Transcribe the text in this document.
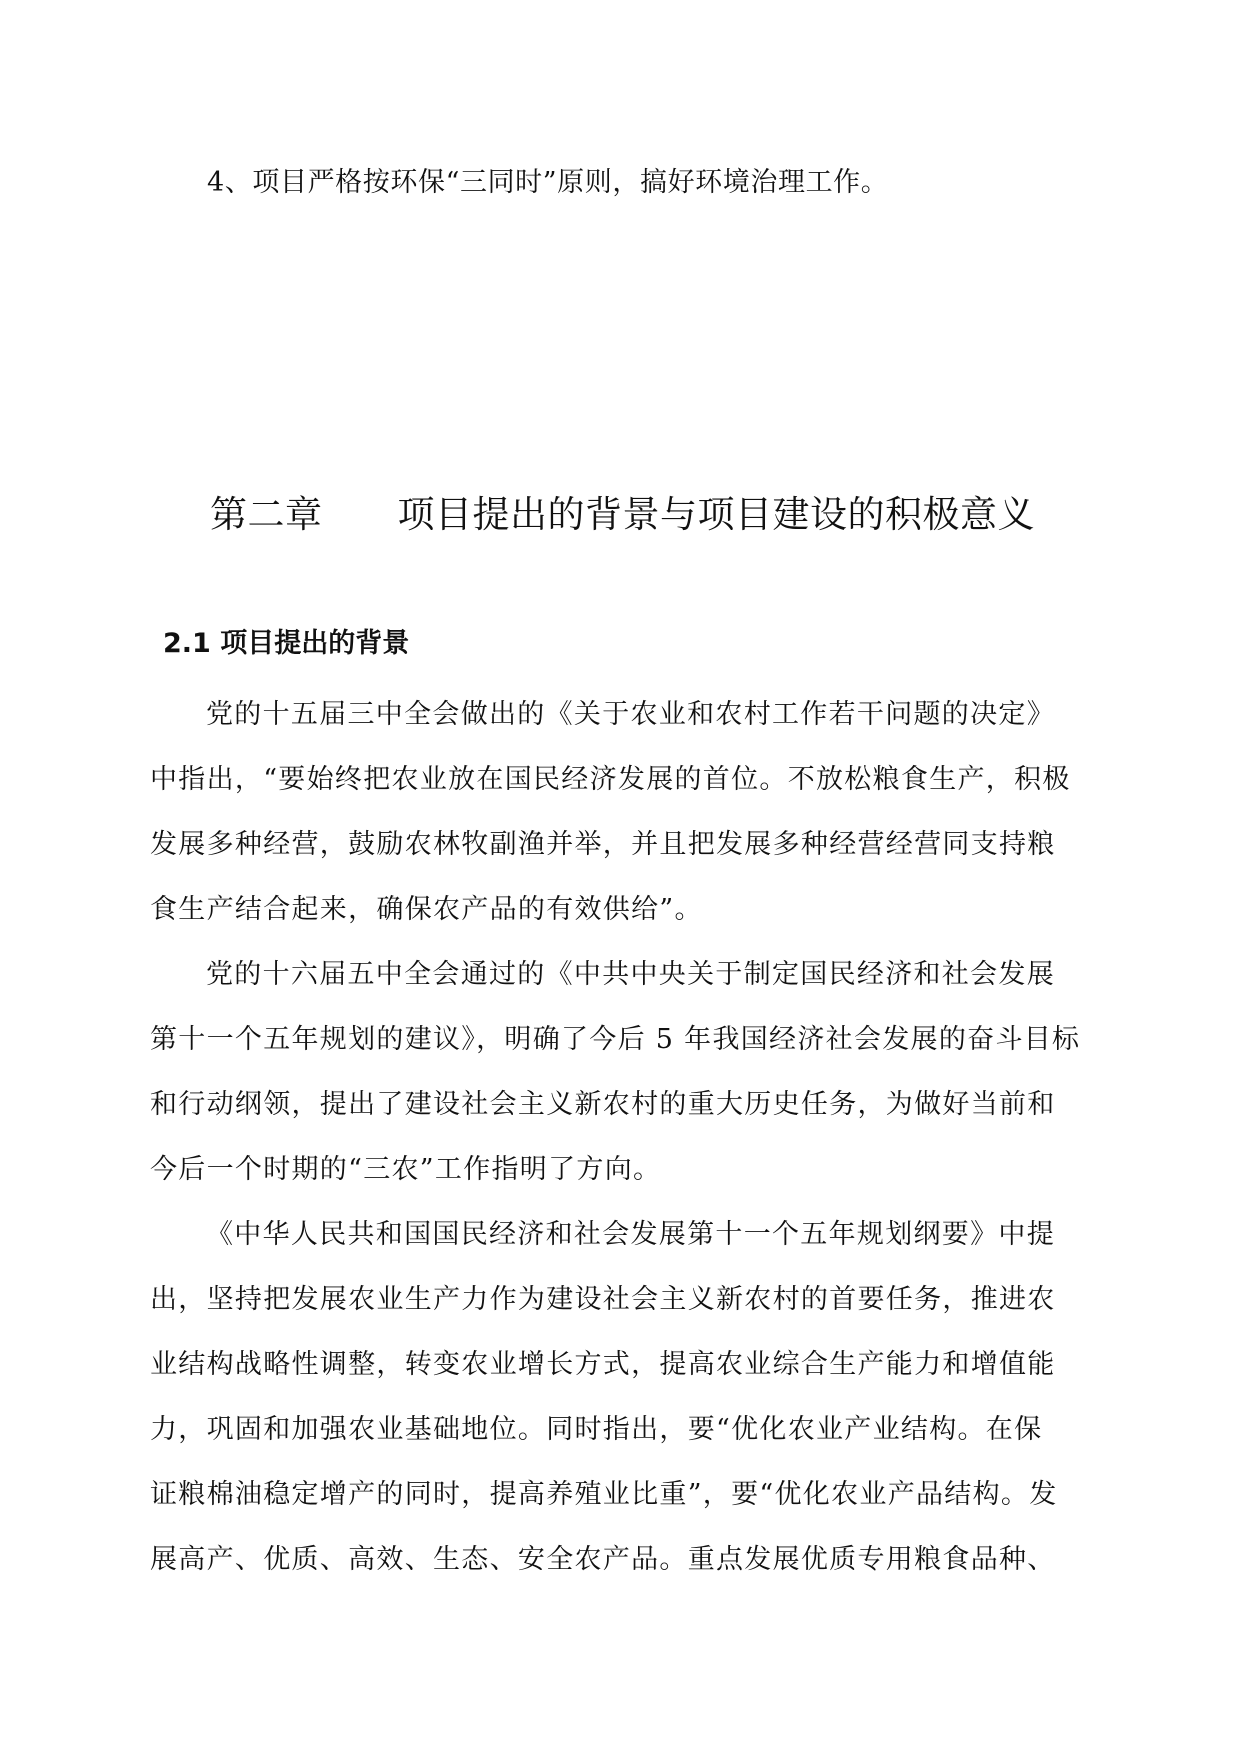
4、项目严格按环保“三同时”原则，搞好环境治理工作。
第二章 项目提出的背景与项目建设的积极意义
2.1 项目提出的背景

党的十五届三中全会做出的《关于农业和农村工作若干问题的决定》
中指出，“要始终把农业放在国民经济发展的首位。不放松粮食生产，积极
发展多种经营，鼓励农林牧副渔并举，并且把发展多种经营经营同支持粮
食生产结合起来，确保农产品的有效供给”。

党的十六届五中全会通过的《中共中央关于制定国民经济和社会发展
第十一个五年规划的建议》，明确了今后 5 年我国经济社会发展的奋斗目标
和行动纲领，提出了建设社会主义新农村的重大历史任务，为做好当前和
今后一个时期的“三农”工作指明了方向。

《中华人民共和国国民经济和社会发展第十一个五年规划纲要》中提
出，坚持把发展农业生产力作为建设社会主义新农村的首要任务，推进农
业结构战略性调整，转变农业增长方式，提高农业综合生产能力和增值能
力，巩固和加强农业基础地位。同时指出，要“优化农业产业结构。在保
证粮棉油稳定增产的同时，提高养殖业比重”，要“优化农业产品结构。发
展高产、优质、高效、生态、安全农产品。重点发展优质专用粮食品种、
